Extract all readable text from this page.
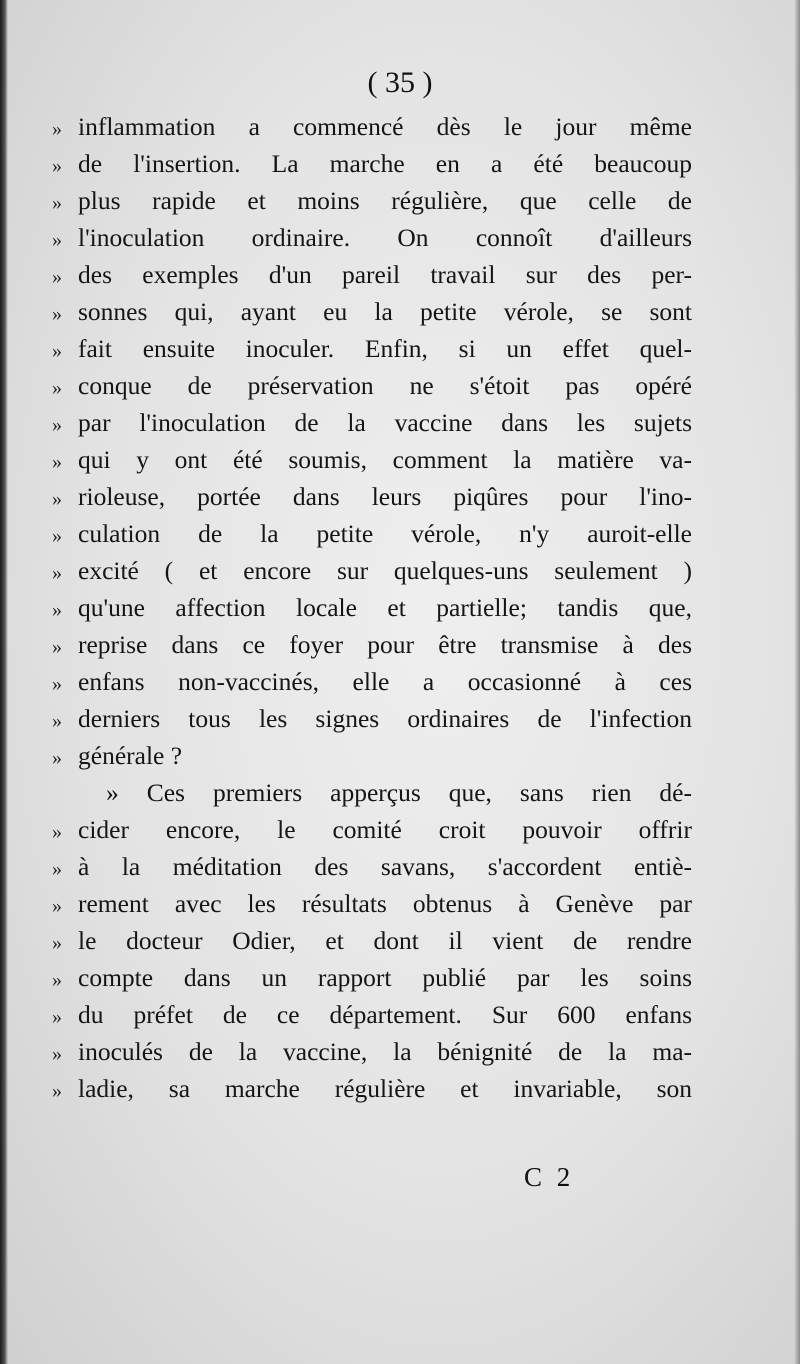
( 35 )
» inflammation a commencé dès le jour même
» de l'insertion. La marche en a été beaucoup
» plus rapide et moins régulière, que celle de
» l'inoculation ordinaire. On connoît d'ailleurs
» des exemples d'un pareil travail sur des per-
» sonnes qui, ayant eu la petite vérole, se sont
» fait ensuite inoculer. Enfin, si un effet quel-
» conque de préservation ne s'étoit pas opéré
» par l'inoculation de la vaccine dans les sujets
» qui y ont été soumis, comment la matière va-
» rioleuse, portée dans leurs piqûres pour l'ino-
» culation de la petite vérole, n'y auroit-elle
» excité ( et encore sur quelques-uns seulement )
» qu'une affection locale et partielle; tandis que,
» reprise dans ce foyer pour être transmise à des
» enfans non-vaccinés, elle a occasionné à ces
» derniers tous les signes ordinaires de l'infection
» générale ?
» Ces premiers apperçus que, sans rien dé-
» cider encore, le comité croit pouvoir offrir
» à la méditation des savans, s'accordent entiè-
» rement avec les résultats obtenus à Genève par
» le docteur Odier, et dont il vient de rendre
» compte dans un rapport publié par les soins
» du préfet de ce département. Sur 600 enfans
» inoculés de la vaccine, la bénignité de la ma-
» ladie, sa marche régulière et invariable, son
C 2
